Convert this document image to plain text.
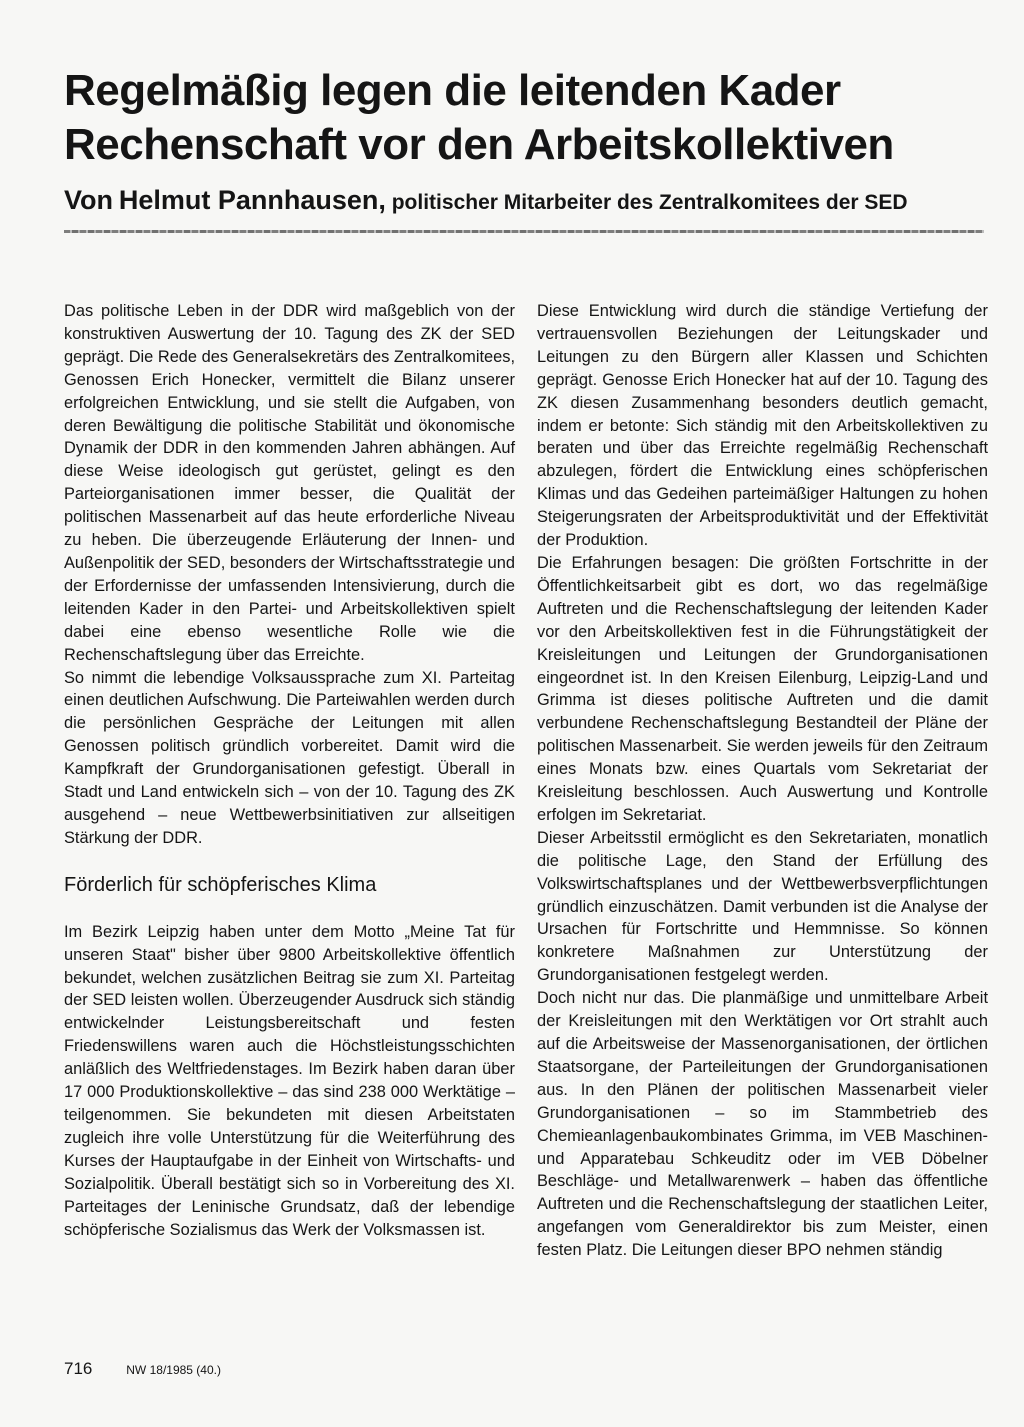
Regelmäßig legen die leitenden Kader
Rechenschaft vor den Arbeitskollektiven
Von Helmut Pannhausen, politischer Mitarbeiter des Zentralkomitees der SED

Das politische Leben in der DDR wird maßgeblich von der konstruktiven Auswertung der 10. Tagung des ZK der SED geprägt. Die Rede des Generalsekretärs des Zentralkomitees, Genossen Erich Honecker, vermittelt die Bilanz unserer erfolgreichen Entwicklung, und sie stellt die Aufgaben, von deren Bewältigung die politische Stabilität und ökonomische Dynamik der DDR in den kommenden Jahren abhängen. Auf diese Weise ideologisch gut gerüstet, gelingt es den Parteiorganisationen immer besser, die Qualität der politischen Massenarbeit auf das heute erforderliche Niveau zu heben. Die überzeugende Erläuterung der Innen- und Außenpolitik der SED, besonders der Wirtschaftsstrategie und der Erfordernisse der umfassenden Intensivierung, durch die leitenden Kader in den Partei- und Arbeitskollektiven spielt dabei eine ebenso wesentliche Rolle wie die Rechenschaftslegung über das Erreichte.

So nimmt die lebendige Volksaussprache zum XI. Parteitag einen deutlichen Aufschwung. Die Parteiwahlen werden durch die persönlichen Gespräche der Leitungen mit allen Genossen politisch gründlich vorbereitet. Damit wird die Kampfkraft der Grundorganisationen gefestigt. Überall in Stadt und Land entwickeln sich – von der 10. Tagung des ZK ausgehend – neue Wettbewerbsinitiativen zur allseitigen Stärkung der DDR.

Förderlich für schöpferisches Klima

Im Bezirk Leipzig haben unter dem Motto „Meine Tat für unseren Staat" bisher über 9800 Arbeitskollektive öffentlich bekundet, welchen zusätzlichen Beitrag sie zum XI. Parteitag der SED leisten wollen. Überzeugender Ausdruck sich ständig entwickelnder Leistungsbereitschaft und festen Friedenswillens waren auch die Höchstleistungsschichten anläßlich des Weltfriedenstages. Im Bezirk haben daran über 17 000 Produktionskollektive – das sind 238 000 Werktätige – teilgenommen. Sie bekundeten mit diesen Arbeitstaten zugleich ihre volle Unterstützung für die Weiterführung des Kurses der Hauptaufgabe in der Einheit von Wirtschafts- und Sozialpolitik. Überall bestätigt sich so in Vorbereitung des XI. Parteitages der Leninische Grundsatz, daß der lebendige schöpferische Sozialismus das Werk der Volksmassen ist.

Diese Entwicklung wird durch die ständige Vertiefung der vertrauensvollen Beziehungen der Leitungskader und Leitungen zu den Bürgern aller Klassen und Schichten geprägt. Genosse Erich Honecker hat auf der 10. Tagung des ZK diesen Zusammenhang besonders deutlich gemacht, indem er betonte: Sich ständig mit den Arbeitskollektiven zu beraten und über das Erreichte regelmäßig Rechenschaft abzulegen, fördert die Entwicklung eines schöpferischen Klimas und das Gedeihen parteimäßiger Haltungen zu hohen Steigerungsraten der Arbeitsproduktivität und der Effektivität der Produktion.

Die Erfahrungen besagen: Die größten Fortschritte in der Öffentlichkeitsarbeit gibt es dort, wo das regelmäßige Auftreten und die Rechenschaftslegung der leitenden Kader vor den Arbeitskollektiven fest in die Führungstätigkeit der Kreisleitungen und Leitungen der Grundorganisationen eingeordnet ist. In den Kreisen Eilenburg, Leipzig-Land und Grimma ist dieses politische Auftreten und die damit verbundene Rechenschaftslegung Bestandteil der Pläne der politischen Massenarbeit. Sie werden jeweils für den Zeitraum eines Monats bzw. eines Quartals vom Sekretariat der Kreisleitung beschlossen. Auch Auswertung und Kontrolle erfolgen im Sekretariat.

Dieser Arbeitsstil ermöglicht es den Sekretariaten, monatlich die politische Lage, den Stand der Erfüllung des Volkswirtschaftsplanes und der Wettbewerbsverpflichtungen gründlich einzuschätzen. Damit verbunden ist die Analyse der Ursachen für Fortschritte und Hemmnisse. So können konkretere Maßnahmen zur Unterstützung der Grundorganisationen festgelegt werden.

Doch nicht nur das. Die planmäßige und unmittelbare Arbeit der Kreisleitungen mit den Werktätigen vor Ort strahlt auch auf die Arbeitsweise der Massenorganisationen, der örtlichen Staatsorgane, der Parteileitungen der Grundorganisationen aus. In den Plänen der politischen Massenarbeit vieler Grundorganisationen – so im Stammbetrieb des Chemieanlagenbaukombinates Grimma, im VEB Maschinen- und Apparatebau Schkeuditz oder im VEB Döbelner Beschläge- und Metallwarenwerk – haben das öffentliche Auftreten und die Rechenschaftslegung der staatlichen Leiter, angefangen vom Generaldirektor bis zum Meister, einen festen Platz. Die Leitungen dieser BPO nehmen ständig

716	NW 18/1985 (40.)
